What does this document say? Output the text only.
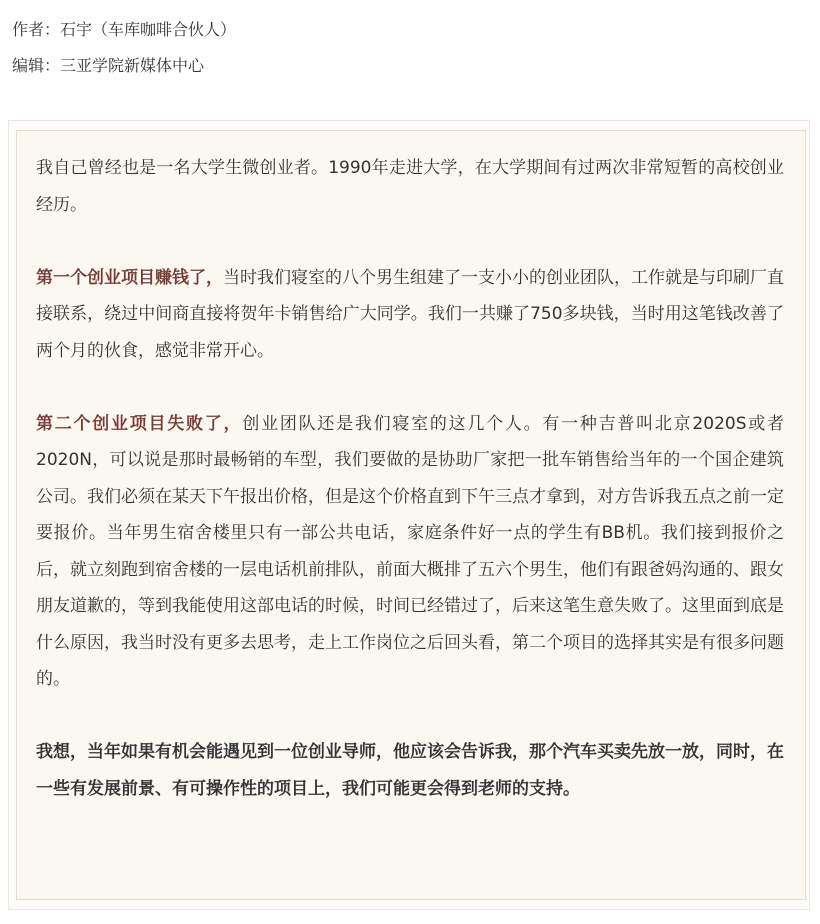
作者：石宇（车库咖啡合伙人）
编辑：三亚学院新媒体中心

我自己曾经也是一名大学生微创业者。1990年走进大学，在大学期间有过两次非常短暂的高校创业经历。

第一个创业项目赚钱了，当时我们寝室的八个男生组建了一支小小的创业团队，工作就是与印刷厂直接联系，绕过中间商直接将贺年卡销售给广大同学。我们一共赚了750多块钱，当时用这笔钱改善了两个月的伙食，感觉非常开心。

第二个创业项目失败了，创业团队还是我们寝室的这几个人。有一种吉普叫北京2020S或者2020N，可以说是那时最畅销的车型，我们要做的是协助厂家把一批车销售给当年的一个国企建筑公司。我们必须在某天下午报出价格，但是这个价格直到下午三点才拿到，对方告诉我五点之前一定要报价。当年男生宿舍楼里只有一部公共电话，家庭条件好一点的学生有BB机。我们接到报价之后，就立刻跑到宿舍楼的一层电话机前排队，前面大概排了五六个男生，他们有跟爸妈沟通的、跟女朋友道歉的，等到我能使用这部电话的时候，时间已经错过了，后来这笔生意失败了。这里面到底是什么原因，我当时没有更多去思考，走上工作岗位之后回头看，第二个项目的选择其实是有很多问题的。

我想，当年如果有机会能遇见到一位创业导师，他应该会告诉我，那个汽车买卖先放一放，同时，在一些有发展前景、有可操作性的项目上，我们可能更会得到老师的支持。
